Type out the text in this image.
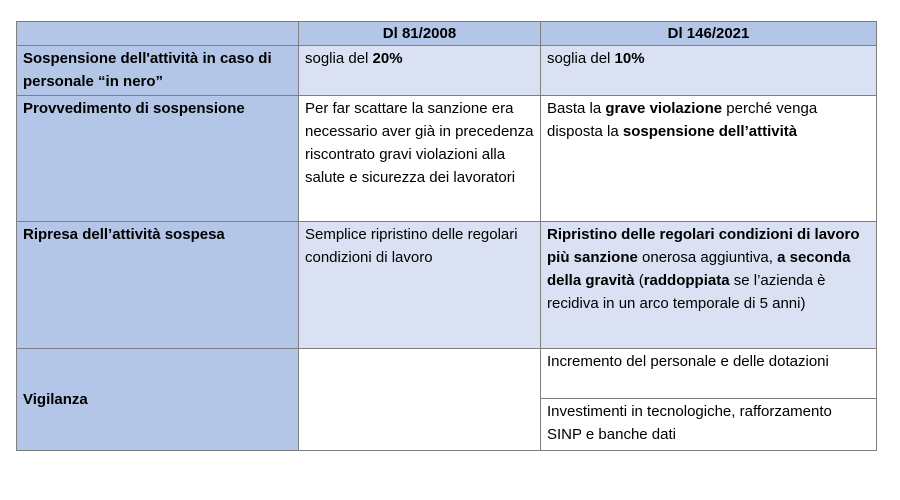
	Dl 81/2008	Dl 146/2021
Sospensione dell'attività in caso di personale “in nero”	soglia del 20%	soglia del 10%
Provvedimento di sospensione	Per far scattare la sanzione era necessario aver già in precedenza riscontrato gravi violazioni alla salute e sicurezza dei lavoratori	Basta la grave violazione perché venga disposta la sospensione dell’attività
Ripresa dell’attività sospesa	Semplice ripristino delle regolari condizioni di lavoro	Ripristino delle regolari condizioni di lavoro più sanzione onerosa aggiuntiva, a seconda della gravità (raddoppiata se l’azienda è recidiva in un arco temporale di 5 anni)
Vigilanza		Incremento del personale e delle dotazioni
		Investimenti in tecnologiche, rafforzamento SINP e banche dati
